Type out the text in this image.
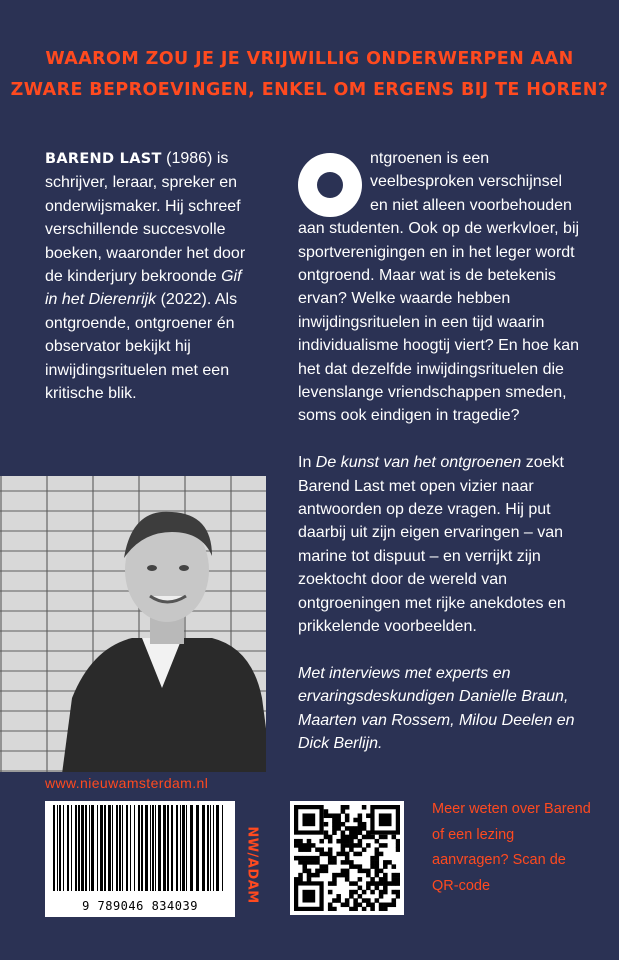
WAAROM ZOU JE JE VRIJWILLIG ONDERWERPEN AAN
ZWARE BEPROEVINGEN, ENKEL OM ERGENS BIJ TE HOREN?
BAREND LAST (1986) is schrijver, leraar, spreker en onderwijsmaker. Hij schreef verschillende succesvolle boeken, waaronder het door de kinderjury bekroonde Gif in het Dierenrijk (2022). Als ontgroende, ontgroener én observator bekijkt hij inwijdingsrituelen met een kritische blik.

ntgroenen is een veelbesproken verschijnsel en niet alleen voorbehouden aan studenten. Ook op de werkvloer, bij sportverenigingen en in het leger wordt ontgroend. Maar wat is de betekenis ervan? Welke waarde hebben inwijdingsrituelen in een tijd waarin individualisme hoogtij viert? En hoe kan het dat dezelfde inwijdingsrituelen die levenslange vriendschappen smeden, soms ook eindigen in tragedie?

In De kunst van het ontgroenen zoekt Barend Last met open vizier naar antwoorden op deze vragen. Hij put daarbij uit zijn eigen ervaringen – van marine tot dispuut – en verrijkt zijn zoektocht door de wereld van ontgroeningen met rijke anekdotes en prikkelende voorbeelden.

Met interviews met experts en ervaringsdeskundigen Danielle Braun, Maarten van Rossem, Milou Deelen en Dick Berlijn.

www.nieuwamsterdam.nl
9 789046 834039
NW/ADAM
Meer weten over Barend of een lezing aanvragen? Scan de QR-code
